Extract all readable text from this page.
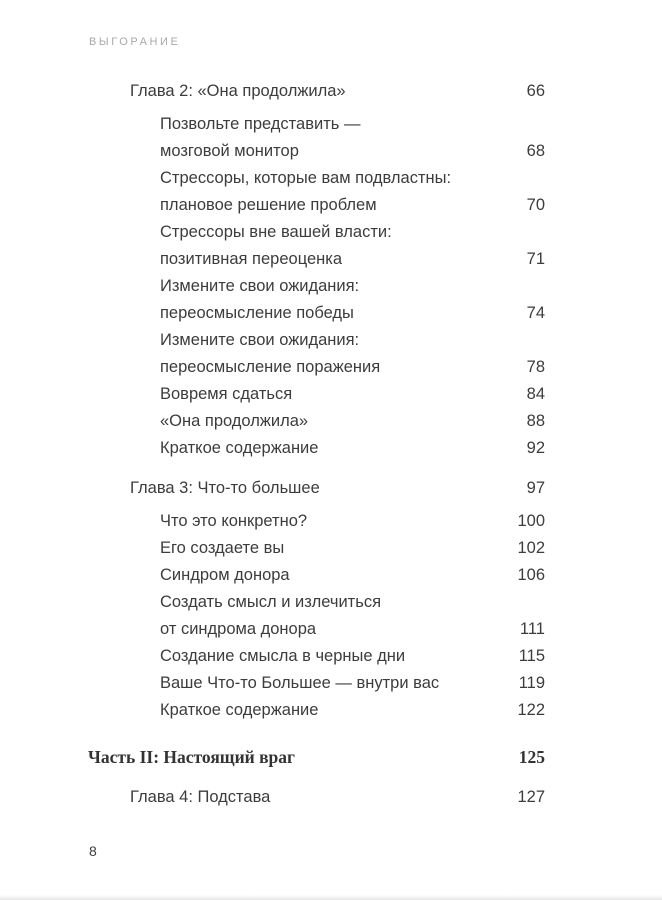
ВЫГОРАНИЕ
Глава 2: «Она продолжила»	66
Позвольте представить —
мозговой монитор	68
Стрессоры, которые вам подвластны:
плановое решение проблем	70
Стрессоры вне вашей власти:
позитивная переоценка	71
Измените свои ожидания:
переосмысление победы	74
Измените свои ожидания:
переосмысление поражения	78
Вовремя сдаться	84
«Она продолжила»	88
Краткое содержание	92
Глава 3: Что-то большее	97
Что это конкретно?	100
Его создаете вы	102
Синдром донора	106
Создать смысл и излечиться
от синдрома донора	111
Создание смысла в черные дни	115
Ваше Что-то Большее — внутри вас	119
Краткое содержание	122
Часть II: Настоящий враг	125
Глава 4: Подстава	127
8
